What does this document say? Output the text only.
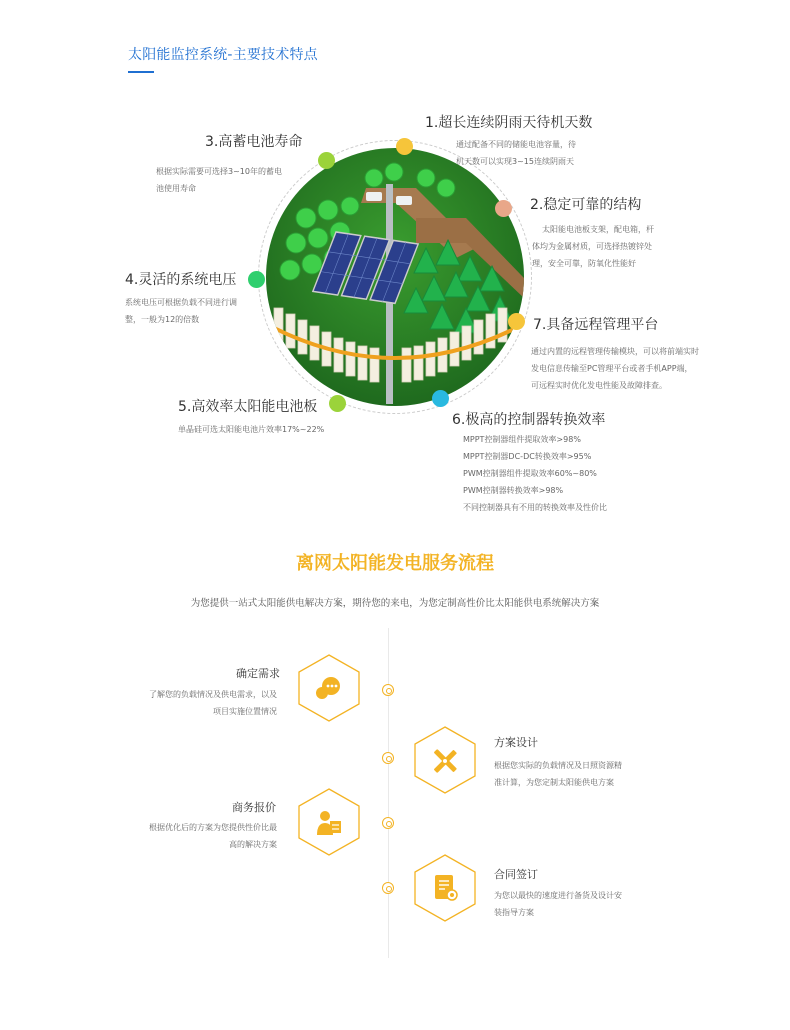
太阳能监控系统-主要技术特点
1.超长连续阴雨天待机天数
通过配备不同的储能电池容量，待
机天数可以实现3~15连续阴雨天
2.稳定可靠的结构
太阳能电池板支架，配电箱，杆
体均为金属材质，可选择热镀锌处
理，安全可靠，防氧化性能好
3.高蓄电池寿命
根据实际需要可选择3~10年的蓄电
池使用寿命
4.灵活的系统电压
系统电压可根据负载不同进行调
整，一般为12的倍数
5.高效率太阳能电池板
单晶硅可选太阳能电池片效率17%~22%
6.极高的控制器转换效率
MPPT控制器组件提取效率>98%
MPPT控制器DC-DC转换效率>95%
PWM控制器组件提取效率60%~80%
PWM控制器转换效率>98%
不同控制器具有不用的转换效率及性价比
7.具备远程管理平台
通过内置的远程管理传输模块，可以将前端实时
发电信息传输至PC管理平台或者手机APP端，
可远程实时优化发电性能及故障排查。
离网太阳能发电服务流程
为您提供一站式太阳能供电解决方案，期待您的来电，为您定制高性价比太阳能供电系统解决方案
确定需求
了解您的负载情况及供电需求，以及
项目实施位置情况
方案设计
根据您实际的负载情况及日照资源精
准计算，为您定制太阳能供电方案
商务报价
根据优化后的方案为您提供性价比最
高的解决方案
合同签订
为您以最快的速度进行备货及设计安
装指导方案
